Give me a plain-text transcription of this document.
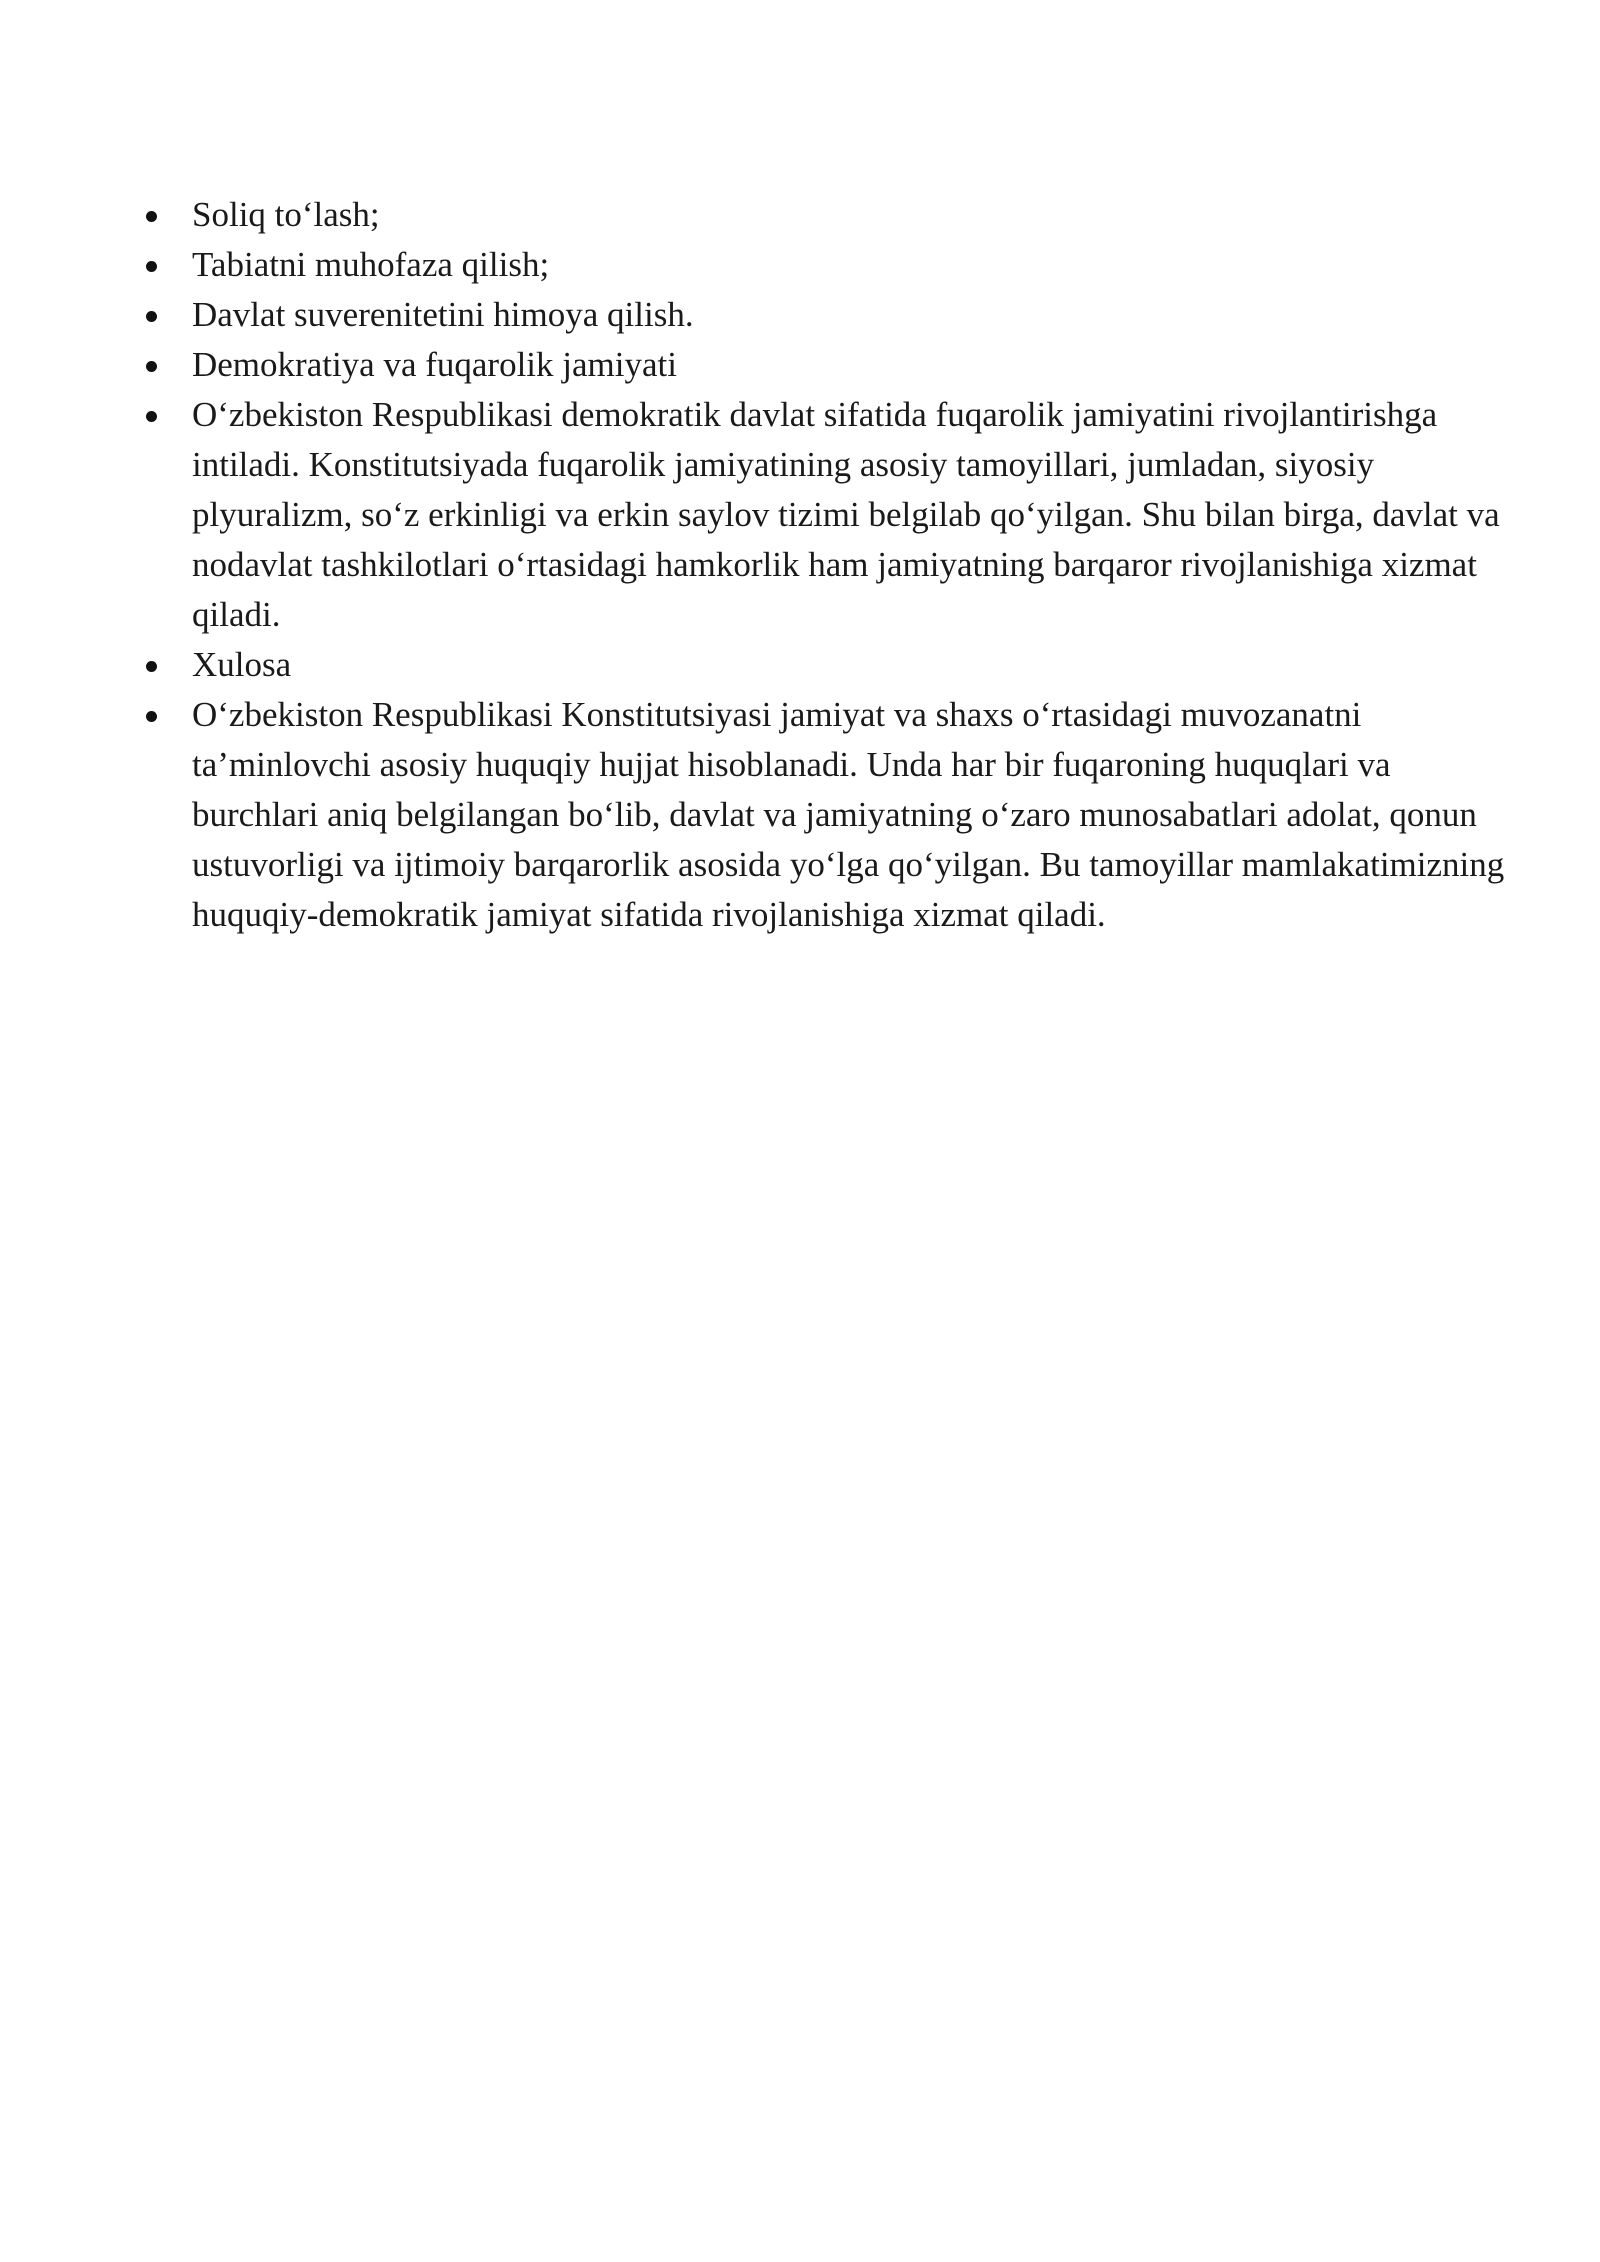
Soliq to‘lash;
Tabiatni muhofaza qilish;
Davlat suverenitetini himoya qilish.
Demokratiya va fuqarolik jamiyati
O‘zbekiston Respublikasi demokratik davlat sifatida fuqarolik jamiyatini rivojlantirishga intiladi. Konstitutsiyada fuqarolik jamiyatining asosiy tamoyillari, jumladan, siyosiy plyuralizm, so‘z erkinligi va erkin saylov tizimi belgilab qo‘yilgan. Shu bilan birga, davlat va nodavlat tashkilotlari o‘rtasidagi hamkorlik ham jamiyatning barqaror rivojlanishiga xizmat qiladi.
Xulosa
O‘zbekiston Respublikasi Konstitutsiyasi jamiyat va shaxs o‘rtasidagi muvozanatni ta’minlovchi asosiy huquqiy hujjat hisoblanadi. Unda har bir fuqaroning huquqlari va burchlari aniq belgilangan bo‘lib, davlat va jamiyatning o‘zaro munosabatlari adolat, qonun ustuvorligi va ijtimoiy barqarorlik asosida yo‘lga qo‘yilgan. Bu tamoyillar mamlakatimizning huquqiy-demokratik jamiyat sifatida rivojlanishiga xizmat qiladi.
